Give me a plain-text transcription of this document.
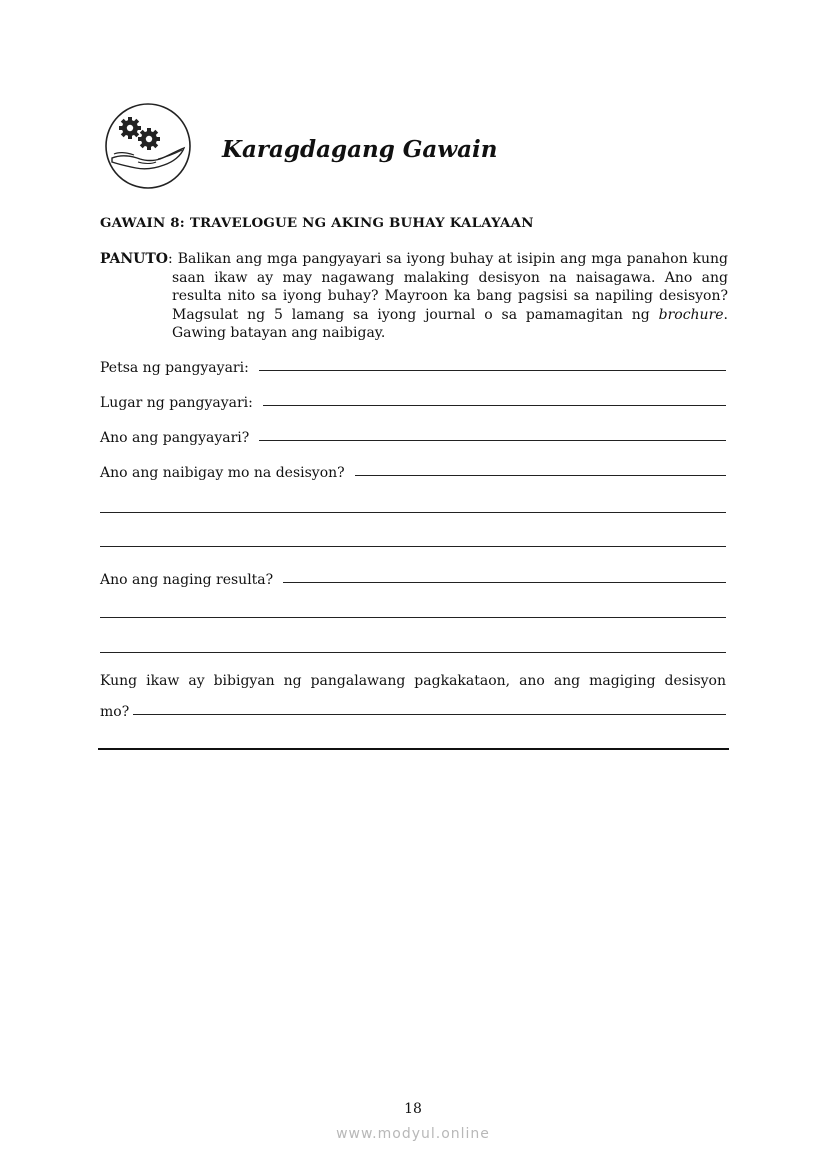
Karagdagang Gawain
GAWAIN 8: TRAVELOGUE NG AKING BUHAY KALAYAAN
PANUTO : Balikan ang mga pangyayari sa iyong buhay at isipin ang mga panahon kung saan ikaw ay may nagawang malaking desisyon na naisagawa. Ano ang resulta nito sa iyong buhay? Mayroon ka bang pagsisi sa napiling desisyon? Magsulat ng 5 lamang sa iyong journal o sa pamamagitan ng brochure. Gawing batayan ang naibigay.
Petsa ng pangyayari:
Lugar ng pangyayari:
Ano ang pangyayari?
Ano ang naibigay mo na desisyon?
Ano ang naging resulta?
Kung ikaw ay bibigyan ng pangalawang pagkakataon, ano ang magiging desisyon
mo?
18
www.modyul.online
